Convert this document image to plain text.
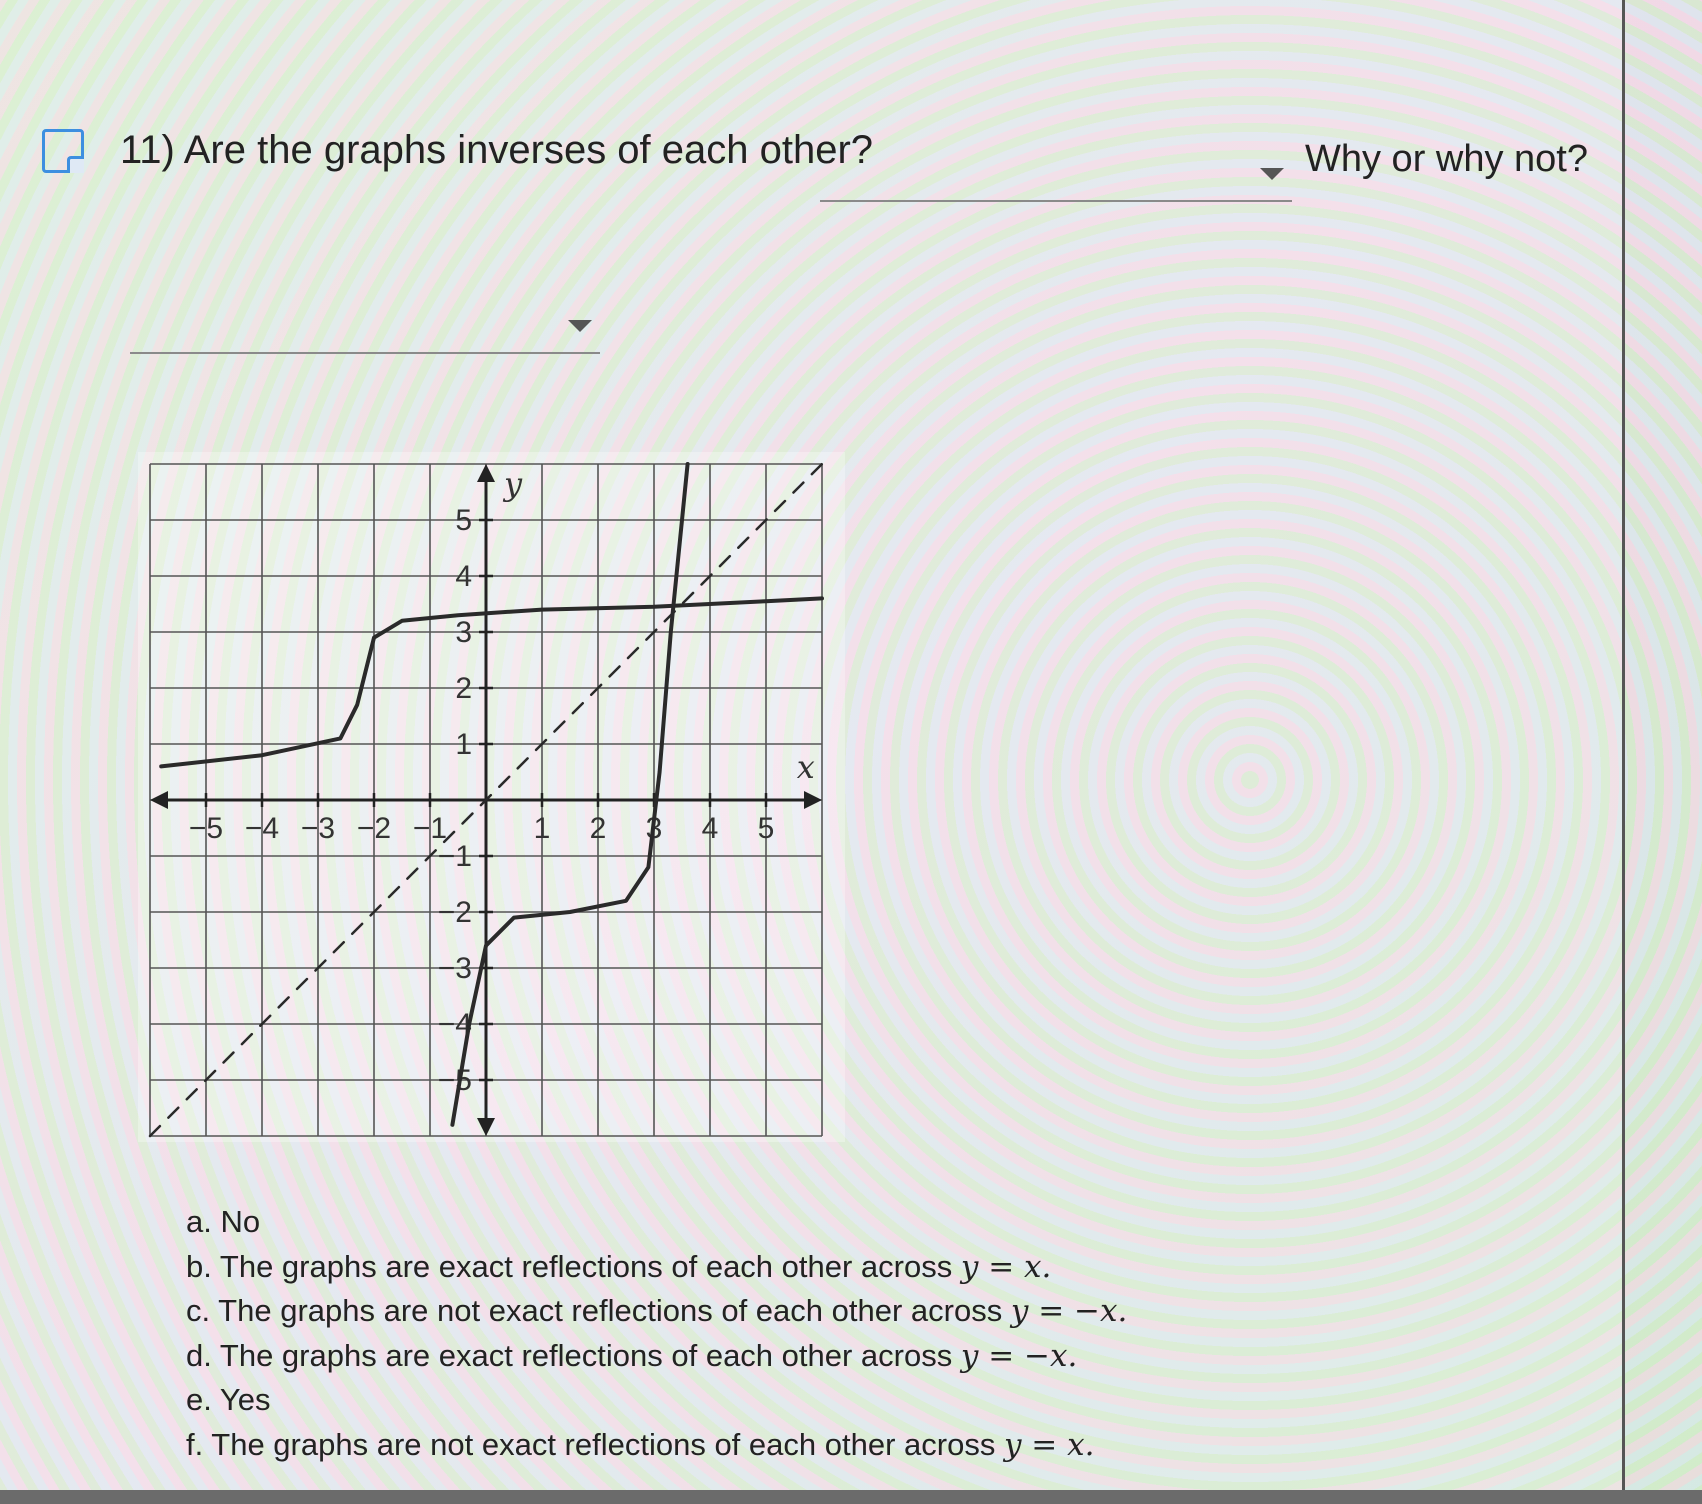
11) Are the graphs inverses of each other?	Why or why not?
−5 −4 −3 −2 −1	1 2 3 4 5
5
4
3
2
1
−1
−2
−3
−4
−5
x
y
a. No
b. The graphs are exact reflections of each other across y = x.
c. The graphs are not exact reflections of each other across y = −x.
d. The graphs are exact reflections of each other across y = −x.
e. Yes
f. The graphs are not exact reflections of each other across y = x.
